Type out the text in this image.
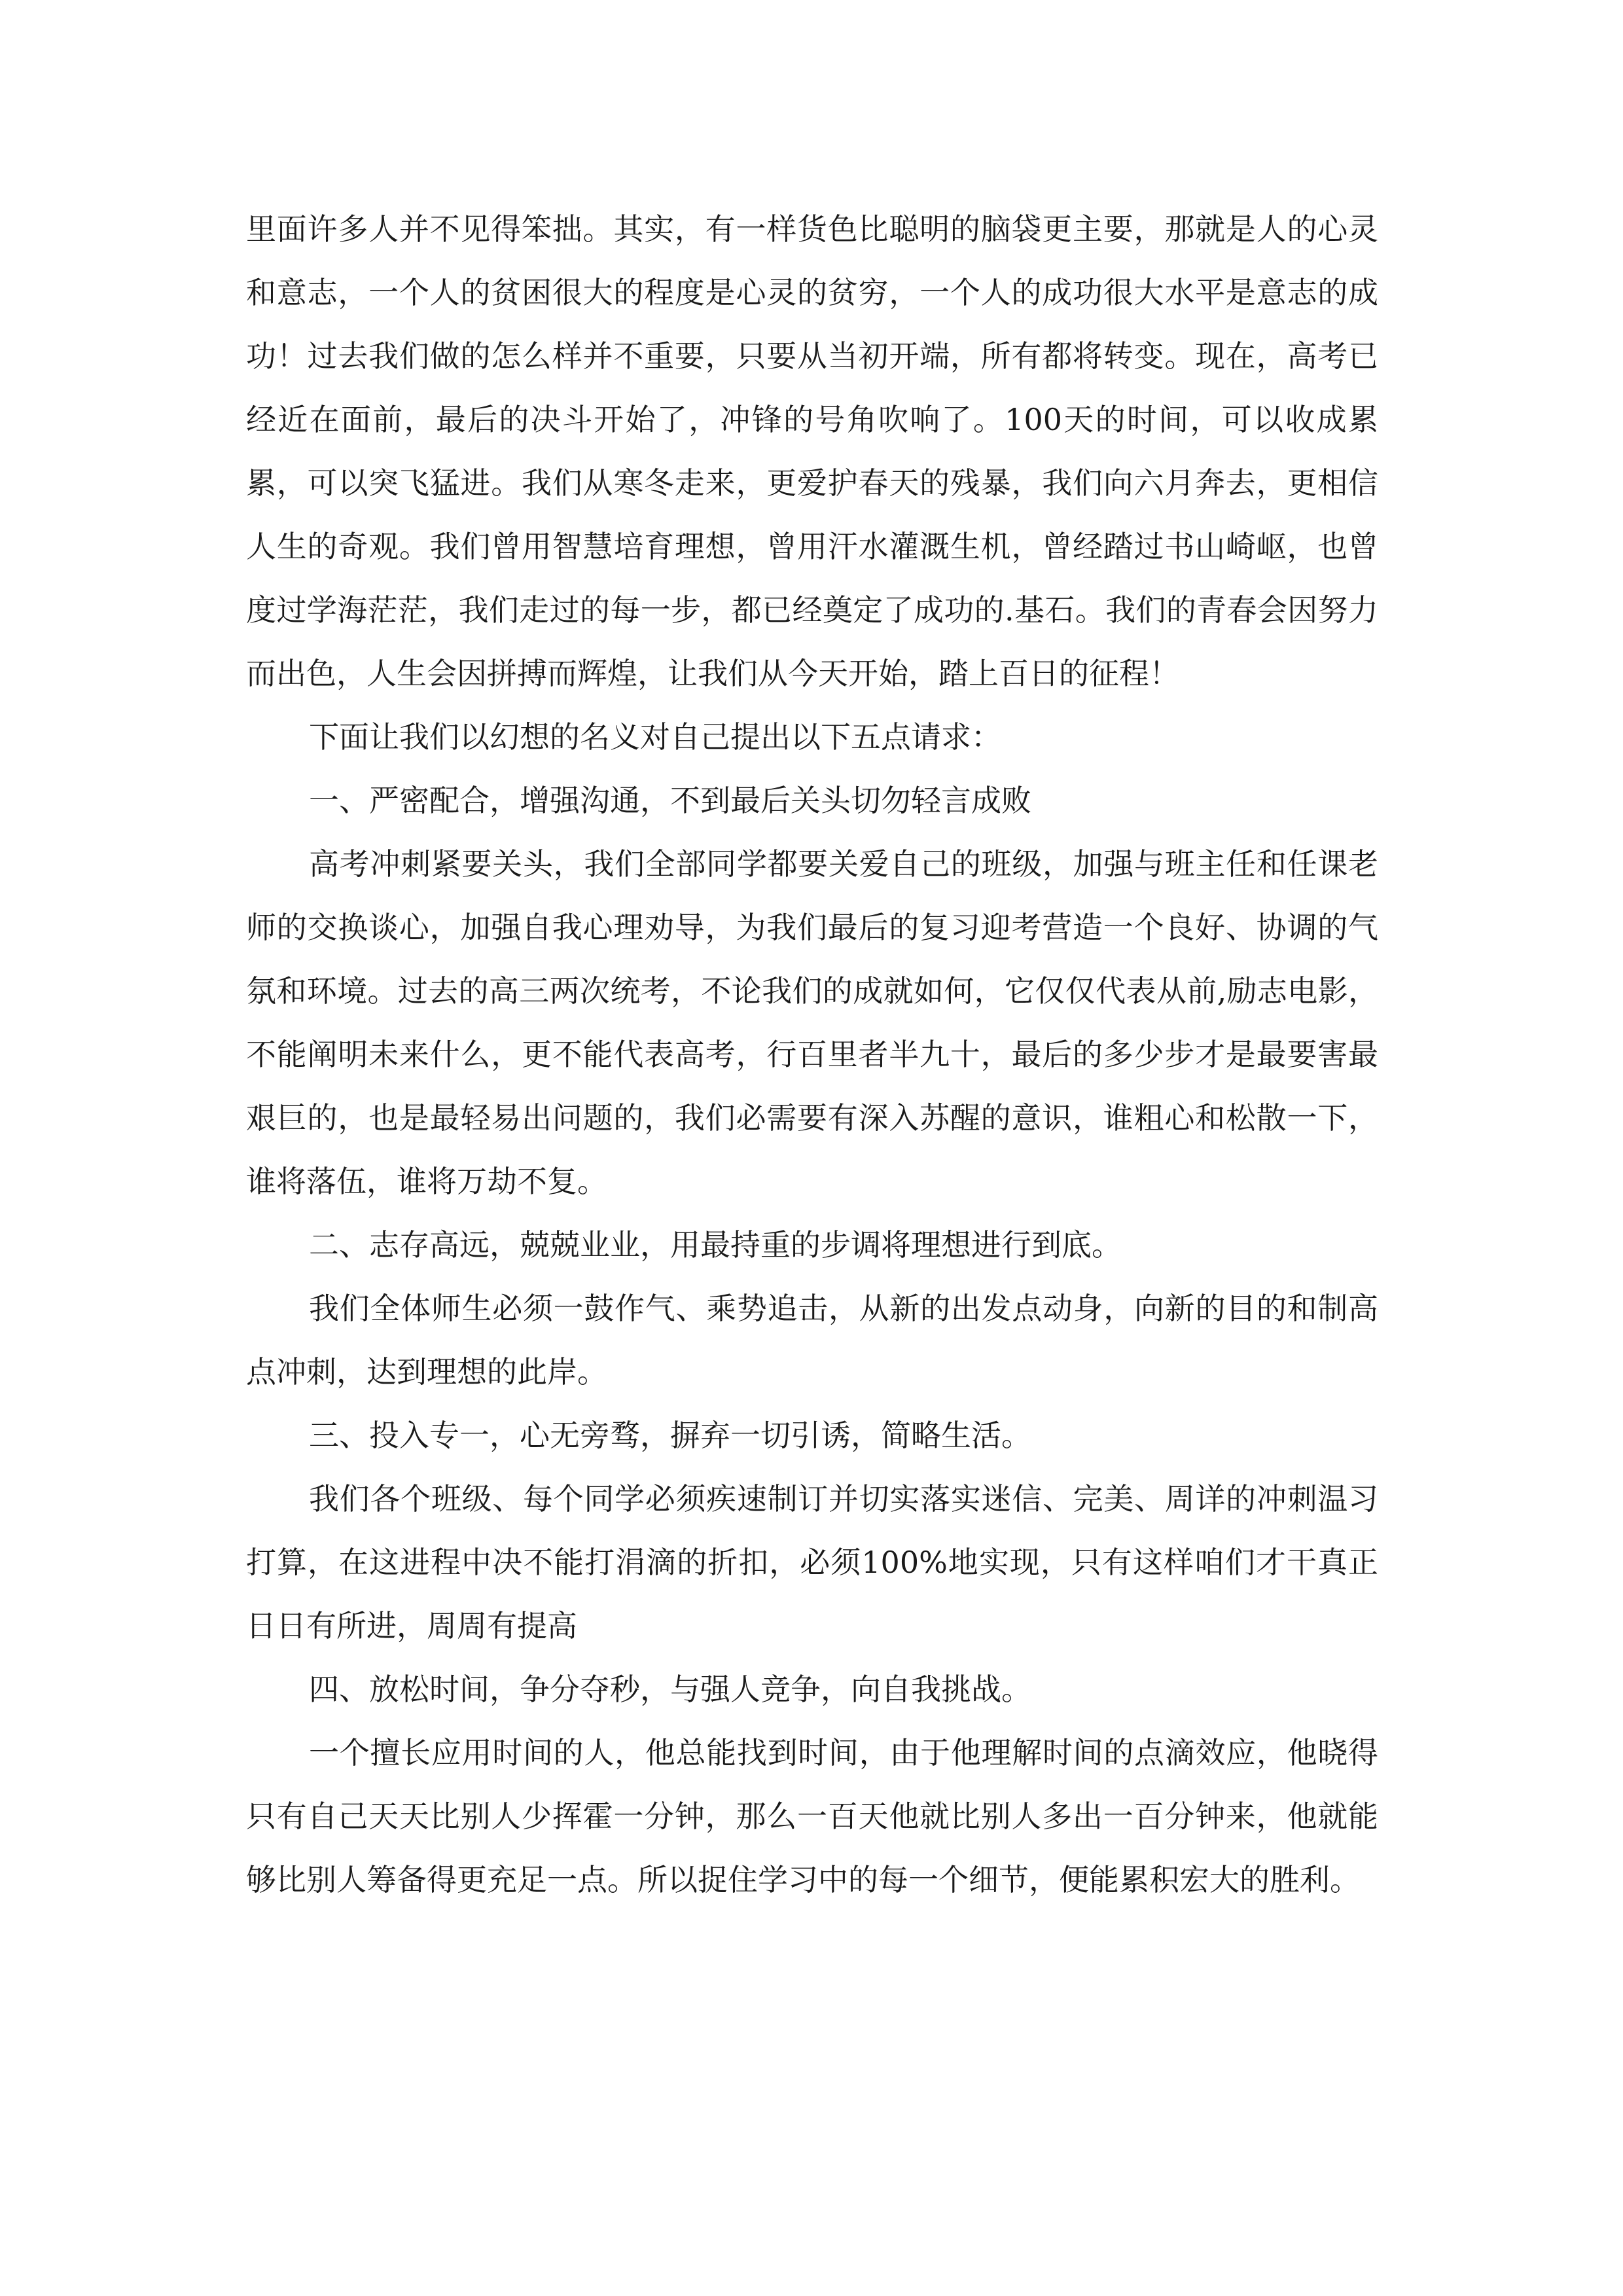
里面许多人并不见得笨拙。其实，有一样货色比聪明的脑袋更主要，那就是人的心灵和意志，一个人的贫困很大的程度是心灵的贫穷，一个人的成功很大水平是意志的成功！过去我们做的怎么样并不重要，只要从当初开端，所有都将转变。现在，高考已经近在面前，最后的决斗开始了，冲锋的号角吹响了。100天的时间，可以收成累累，可以突飞猛进。我们从寒冬走来，更爱护春天的残暴，我们向六月奔去，更相信人生的奇观。我们曾用智慧培育理想，曾用汗水灌溉生机，曾经踏过书山崎岖，也曾度过学海茫茫，我们走过的每一步，都已经奠定了成功的.基石。我们的青春会因努力而出色，人生会因拼搏而辉煌，让我们从今天开始，踏上百日的征程！

下面让我们以幻想的名义对自己提出以下五点请求：

一、严密配合，增强沟通，不到最后关头切勿轻言成败

高考冲刺紧要关头，我们全部同学都要关爱自己的班级，加强与班主任和任课老师的交换谈心，加强自我心理劝导，为我们最后的复习迎考营造一个良好、协调的气氛和环境。过去的高三两次统考，不论我们的成就如何，它仅仅代表从前,励志电影，不能阐明未来什么，更不能代表高考，行百里者半九十，最后的多少步才是最要害最艰巨的，也是最轻易出问题的，我们必需要有深入苏醒的意识，谁粗心和松散一下，谁将落伍，谁将万劫不复。

二、志存高远，兢兢业业，用最持重的步调将理想进行到底。

我们全体师生必须一鼓作气、乘势追击，从新的出发点动身，向新的目的和制高点冲刺，达到理想的此岸。

三、投入专一，心无旁骛，摒弃一切引诱，简略生活。

我们各个班级、每个同学必须疾速制订并切实落实迷信、完美、周详的冲刺温习打算，在这进程中决不能打涓滴的折扣，必须100%地实现，只有这样咱们才干真正日日有所进，周周有提高

四、放松时间，争分夺秒，与强人竞争，向自我挑战。

一个擅长应用时间的人，他总能找到时间，由于他理解时间的点滴效应，他晓得只有自己天天比别人少挥霍一分钟，那么一百天他就比别人多出一百分钟来，他就能够比别人筹备得更充足一点。所以捉住学习中的每一个细节，便能累积宏大的胜利。
